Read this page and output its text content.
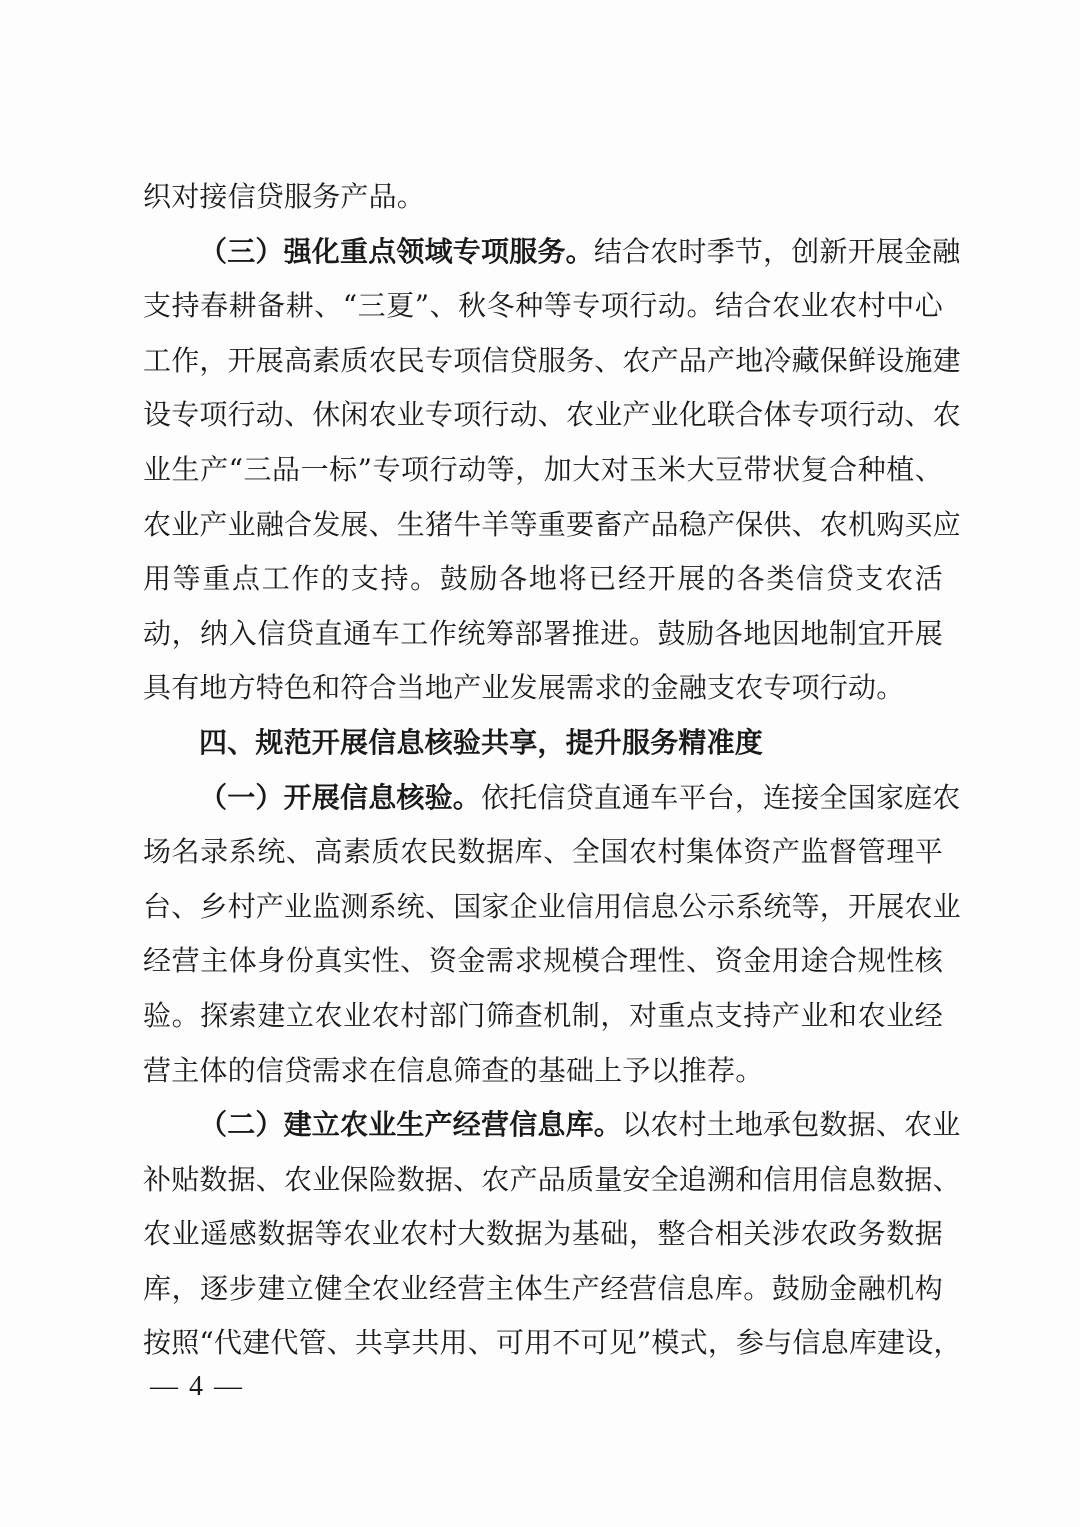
织对接信贷服务产品。
（三）强化重点领域专项服务。结合农时季节，创新开展金融
支持春耕备耕、“三夏”、秋冬种等专项行动。结合农业农村中心
工作，开展高素质农民专项信贷服务、农产品产地冷藏保鲜设施建
设专项行动、休闲农业专项行动、农业产业化联合体专项行动、农
业生产“三品一标”专项行动等，加大对玉米大豆带状复合种植、
农业产业融合发展、生猪牛羊等重要畜产品稳产保供、农机购买应
用等重点工作的支持。鼓励各地将已经开展的各类信贷支农活
动，纳入信贷直通车工作统筹部署推进。鼓励各地因地制宜开展
具有地方特色和符合当地产业发展需求的金融支农专项行动。
四、规范开展信息核验共享，提升服务精准度
（一）开展信息核验。依托信贷直通车平台，连接全国家庭农
场名录系统、高素质农民数据库、全国农村集体资产监督管理平
台、乡村产业监测系统、国家企业信用信息公示系统等，开展农业
经营主体身份真实性、资金需求规模合理性、资金用途合规性核
验。探索建立农业农村部门筛查机制，对重点支持产业和农业经
营主体的信贷需求在信息筛查的基础上予以推荐。
（二）建立农业生产经营信息库。以农村土地承包数据、农业
补贴数据、农业保险数据、农产品质量安全追溯和信用信息数据、
农业遥感数据等农业农村大数据为基础，整合相关涉农政务数据
库，逐步建立健全农业经营主体生产经营信息库。鼓励金融机构
按照“代建代管、共享共用、可用不可见”模式，参与信息库建设，
— 4 —
